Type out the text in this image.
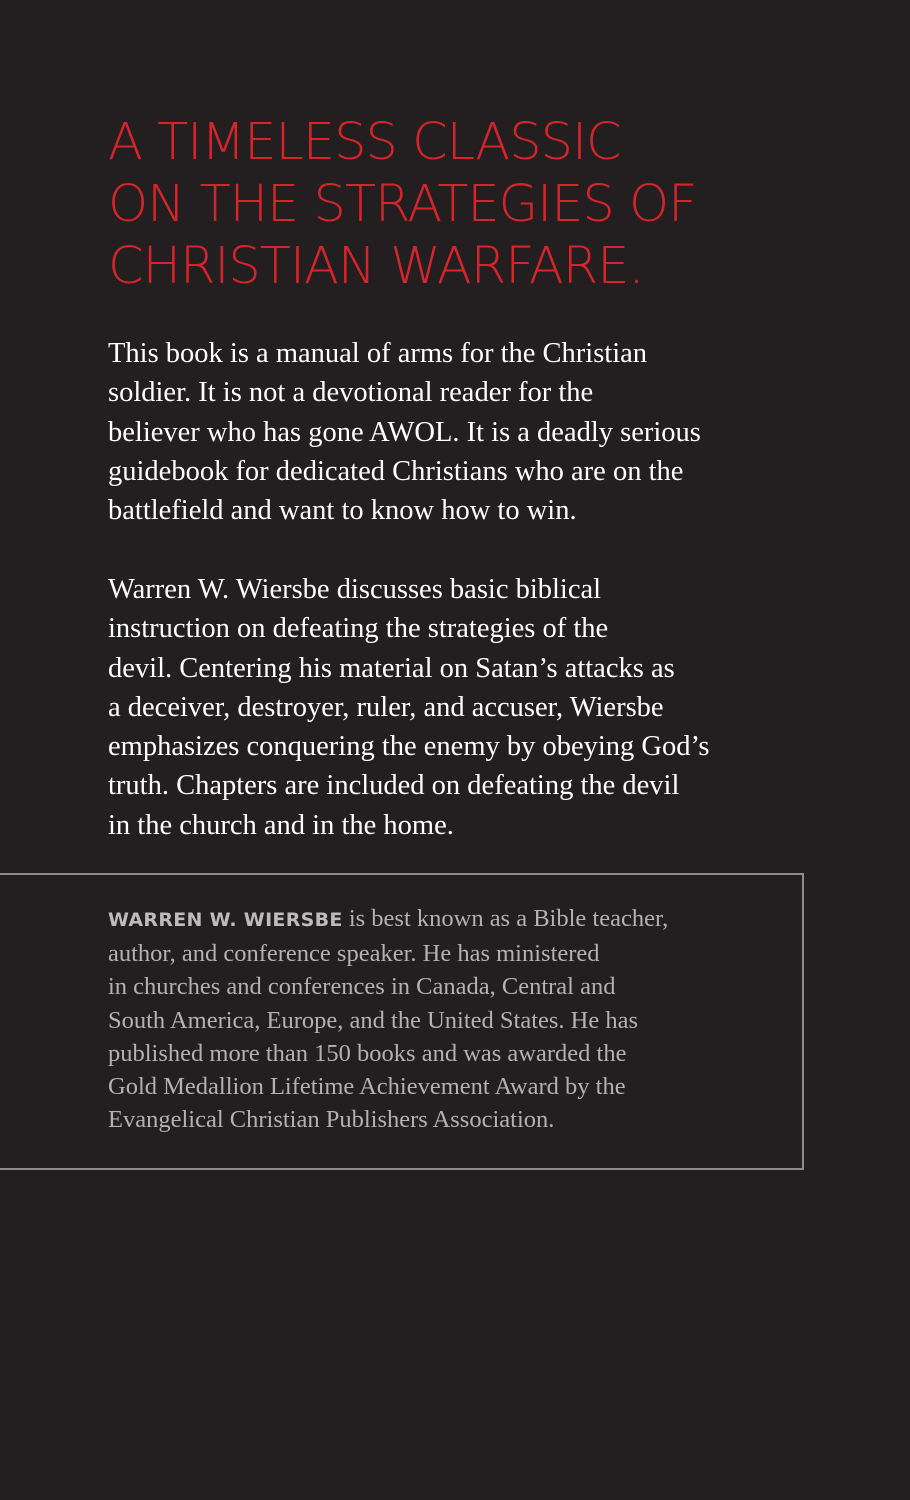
A TIMELESS CLASSIC
ON THE STRATEGIES OF
CHRISTIAN WARFARE.

This book is a manual of arms for the Christian
soldier. It is not a devotional reader for the
believer who has gone AWOL. It is a deadly serious
guidebook for dedicated Christians who are on the
battlefield and want to know how to win.

Warren W. Wiersbe discusses basic biblical
instruction on defeating the strategies of the
devil. Centering his material on Satan’s attacks as
a deceiver, destroyer, ruler, and accuser, Wiersbe
emphasizes conquering the enemy by obeying God’s
truth. Chapters are included on defeating the devil
in the church and in the home.

WARREN W. WIERSBE is best known as a Bible teacher,
author, and conference speaker. He has ministered
in churches and conferences in Canada, Central and
South America, Europe, and the United States. He has
published more than 150 books and was awarded the
Gold Medallion Lifetime Achievement Award by the
Evangelical Christian Publishers Association.
